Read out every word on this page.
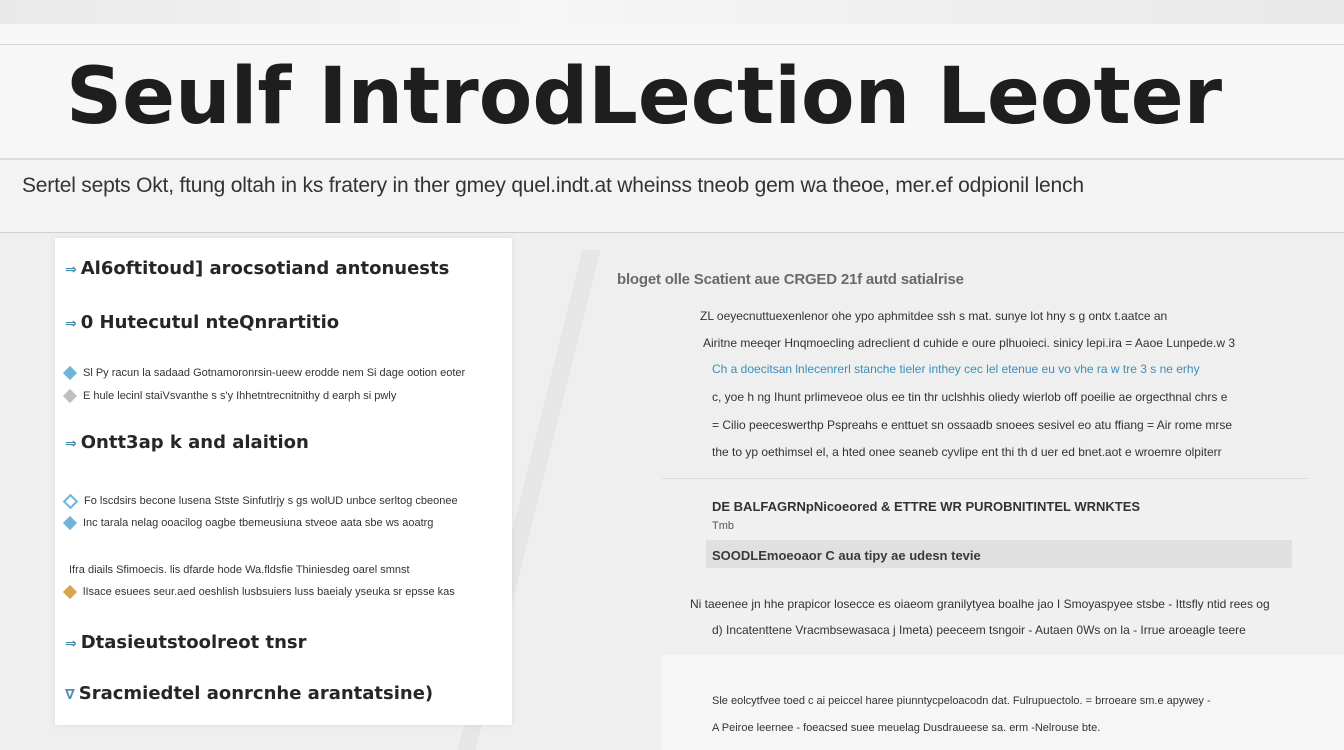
Seulf IntrodLection Leoter

Sertel septs Okt, ftung oltah in ks fratery in ther gmey quel.indt.at wheinss tneob gem wa theoe, mer.ef odpionil lench

⇒ Al6oftitoud] arocsotiand antonuests
⇒ 0 Hutecutul nteQnrartitio
Sl Py racun la sadaad Gotnamoronrsin-ueew erodde nem Si dage ootion eoter
E hule lecinl staiVsvanthe s s'y Ihhetntrecnitnithy d earph si pwly
⇒ Ontt3ap k and alaition
Fo lscdsirs becone lusena Stste Sinfutlrjy s gs wolUD unbce serltog cbeonee
Inc tarala nelag ooacilog oagbe tbemeusiuna stveoe aata sbe ws aoatrg
Ifra diails Sfimoecis. lis dfarde hode Wa.fldsfie Thiniesdeg oarel smnst
lIsace esuees seur.aed oeshlish lusbsuiers luss baeialy yseuka sr epsse kas
⇒ Dtasieutstoolreot tnsr
∇ Sracmiedtel aonrcnhe arantatsine)
bloget olle Scatient aue CRGED 21f autd satialrise
ZL oeyecnuttuexenlenor ohe ypo aphmitdee ssh s mat. sunye lot hny s g ontx t.aatce an
Airitne meeqer Hnqmoecling adreclient d cuhide e oure plhuoieci. sinicy lepi.ira = Aaoe Lunpede.w 3
Ch a doecitsan lnlecenrerl stanche tieler inthey cec lel etenue eu vo vhe ra w tre 3 s ne erhy
c, yoe h ng Ihunt prlimeveoe olus ee tin thr uclshhis oliedy wierlob off poeilie ae orgecthnal chrs e
= Cilio peeceswerthp Pspreahs e enttuet sn ossaadb snoees sesivel eo atu ffiang = Air rome mrse
the to yp oethimsel el, a hted onee seaneb cyvlipe ent thi th d uer ed bnet.aot e wroemre olpiterr
DE BALFAGRNpNicoeored & ETTRE WR PUROBNITINTEL WRNKTES
Tmb
SOODLEmoeoaor C aua tipy ae udesn tevie
Ni taeenee jn hhe prapicor losecce es oiaeom granilytyea boalhe jao I Smoyaspyee stsbe - Ittsfly ntid rees og
d) Incatenttene Vracmbsewasaca j Imeta) peeceem tsngoir - Autaen 0Ws on la - Irrue aroeagle teere
Sle eolcytfvee toed c ai peiccel haree piunntycpeloacodn dat. Fulrupuectolo. = brroeare sm.e apywey -
A Peiroe leernee - foeacsed suee meuelag Dusdraueese sa. erm -Nelrouse bte.
